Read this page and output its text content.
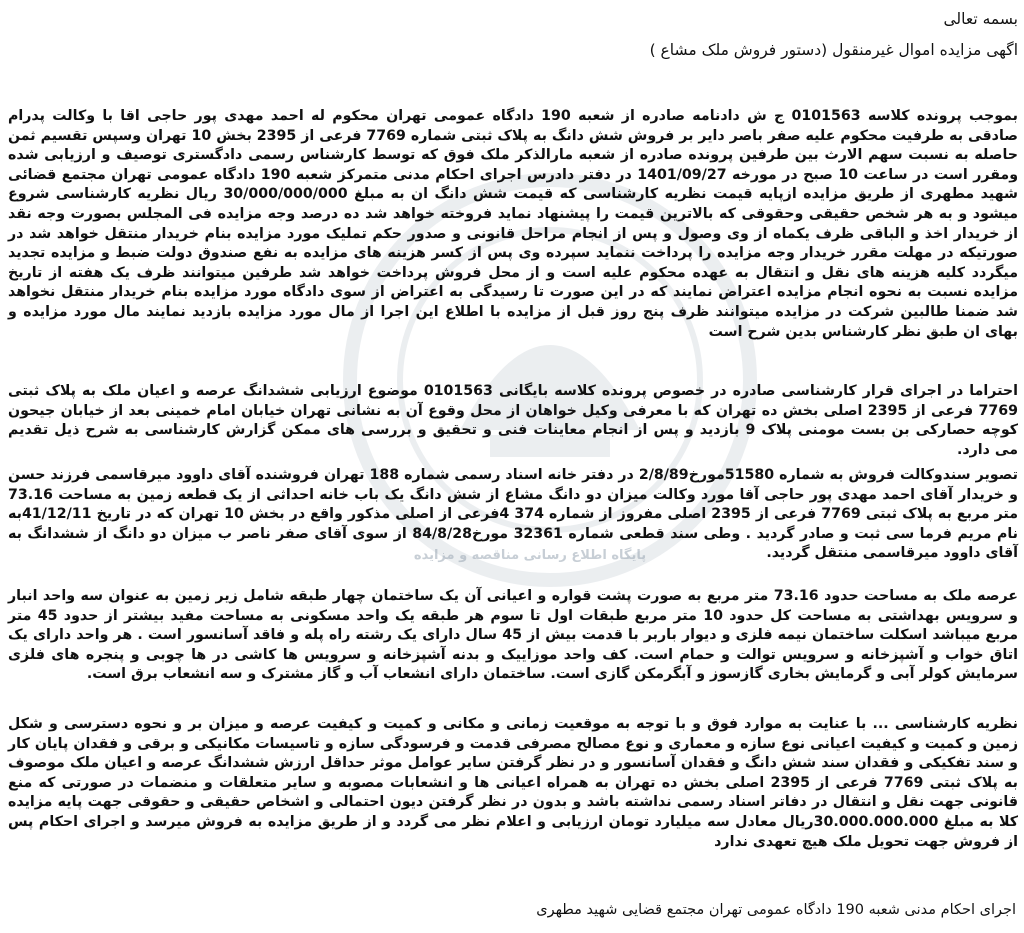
پایگاه اطلاع رسانی مناقصه و مزایده
بسمه تعالی
اگهی مزایده اموال غیرمنقول (دستور فروش ملک مشاع )
بموجب پرونده کلاسه 0101563 ج ش دادنامه صادره از شعبه 190 دادگاه عمومی تهران محکوم له احمد مهدی پور حاجی اقا با وکالت پدرام صادقی به طرفیت محکوم علیه صفر باصر دایر بر فروش شش دانگ به پلاک ثبتی شماره 7769 فرعی از 2395 بخش 10 تهران وسپس تقسیم ثمن حاصله به نسبت سهم الارث بین طرفین پرونده صادره از شعبه مارالذکر ملک فوق که توسط کارشناس رسمی دادگستری توصیف و ارزیابی شده ومقرر است در ساعت 10 صبح در مورخه 1401/09/27 در دفتر دادرس اجرای احکام مدنی متمرکز شعبه 190 دادگاه عمومی تهران مجتمع قضائی شهید مطهری از طریق مزایده ازپایه قیمت نظریه کارشناسی که قیمت شش دانگ ان به مبلغ 30/000/000/000 ریال نظریه کارشناسی شروع میشود و به هر شخص حقیقی وحقوقی که بالاترین قیمت را پیشنهاد نماید فروخته خواهد شد ده درصد وجه مزایده فی المجلس بصورت وجه نقد از خریدار اخذ و الباقی ظرف یکماه از وی وصول و پس از انجام مراحل قانونی و صدور حکم تملیک مورد مزایده بنام خریدار منتقل خواهد شد در صورتیکه در مهلت مقرر خریدار وجه مزایده را پرداخت ننماید سپرده وی پس از کسر هزینه های مزایده به نفع صندوق دولت ضبط و مزایده تجدید میگردد کلیه هزینه های نقل و انتقال به عهده محکوم علیه است و از محل فروش پرداخت خواهد شد طرفین میتوانند ظرف یک هفته از تاریخ مزایده نسبت به نحوه انجام مزایده اعتراض نمایند که در این صورت تا رسیدگی به اعتراض از سوی دادگاه مورد مزایده بنام خریدار منتقل نخواهد شد ضمنا طالبین شرکت در مزایده میتوانند ظرف پنج روز قبل از مزایده با اطلاع این اجرا از مال مورد مزایده بازدید نمایند مال مورد مزایده و بهای ان طبق نظر کارشناس بدین شرح است
احتراما در اجرای قرار کارشناسی صادره در خصوص پرونده کلاسه بایگانی 0101563 موضوع ارزیابی ششدانگ عرصه و اعیان ملک به پلاک ثبتی 7769 فرعی از 2395 اصلی بخش ده تهران که با معرفی وکیل خواهان از محل وقوع آن به نشانی تهران خیابان امام خمینی بعد از خیابان جیحون کوچه حصارکی بن بست مومنی پلاک 9 بازدید و پس از انجام معاینات فنی و تحقیق و بررسی های ممکن گزارش کارشناسی به شرح ذیل تقدیم می دارد.
تصویر سندوکالت فروش به شماره 51580مورخ2/8/89 در دفتر خانه اسناد رسمی شماره 188 تهران فروشنده آقای داوود میرقاسمی فرزند حسن و خریدار آقای احمد مهدی پور حاجی آقا مورد وکالت میزان دو دانگ مشاع از شش دانگ یک باب خانه احداثی از یک قطعه زمین به مساحت 73.16 متر مربع به پلاک ثبتی 7769 فرعی از 2395 اصلی مفروز از شماره 374 4فرعی از اصلی مذکور واقع در بخش 10 تهران که در تاریخ 41/12/11به نام مریم فرما سی ثبت و صادر گردید . وطی سند قطعی شماره 32361 مورخ84/8/28 از سوی آقای صفر ناصر ب میزان دو دانگ از ششدانگ به آقای داوود میرقاسمی منتقل گردید.
عرصه ملک به مساحت حدود 73.16 متر مربع به صورت پشت قواره و اعیانی آن یک ساختمان چهار طبقه شامل زیر زمین به عنوان سه واحد انبار و سرویس بهداشتی به مساحت کل حدود 10 متر مربع طبقات اول تا سوم هر طبقه یک واحد مسکونی به مساحت مفید بیشتر از حدود 45 متر مربع میباشد اسکلت ساختمان نیمه فلزی و دیوار باربر با قدمت بیش از 45 سال دارای یک رشته راه پله و فاقد آسانسور است . هر واحد دارای یک اتاق خواب و آشپزخانه و سرویس توالت و حمام است. کف واحد موزاییک و بدنه آشپزخانه و سرویس ها کاشی در ها چوبی و پنجره های فلزی سرمایش کولر آبی و گرمایش بخاری گازسوز و آبگرمکن گازی است. ساختمان دارای انشعاب آب و گاز مشترک و سه انشعاب برق است.
نظریه کارشناسی ... با عنایت به موارد فوق و با توجه به موقعیت زمانی و مکانی و کمیت و کیفیت عرصه و میزان بر و نحوه دسترسی و شکل زمین و کمیت و کیفیت اعیانی نوع سازه و معماری و نوع مصالح مصرفی قدمت و فرسودگی سازه و تاسیسات مکانیکی و برقی و فقدان پایان کار و سند تفکیکی و فقدان سند شش دانگ و فقدان آسانسور و در نظر گرفتن سایر عوامل موثر حداقل ارزش ششدانگ عرصه و اعیان ملک موصوف به پلاک ثبتی 7769 فرعی از 2395 اصلی بخش ده تهران به همراه اعیانی ها و انشعابات مصوبه و سایر متعلقات و منضمات در صورتی که منع قانونی جهت نقل و انتقال در دفاتر اسناد رسمی نداشته باشد و بدون در نظر گرفتن دیون احتمالی و اشخاص حقیقی و حقوقی جهت پایه مزایده کلا به مبلغ 30.000.000.000ریال معادل سه میلیارد تومان ارزیابی و اعلام نظر می گردد و از طریق مزایده به فروش میرسد و اجرای احکام پس از فروش جهت تحویل ملک هیچ تعهدی ندارد
اجرای احکام مدنی شعبه 190 دادگاه عمومی تهران مجتمع قضایی شهید مطهری
